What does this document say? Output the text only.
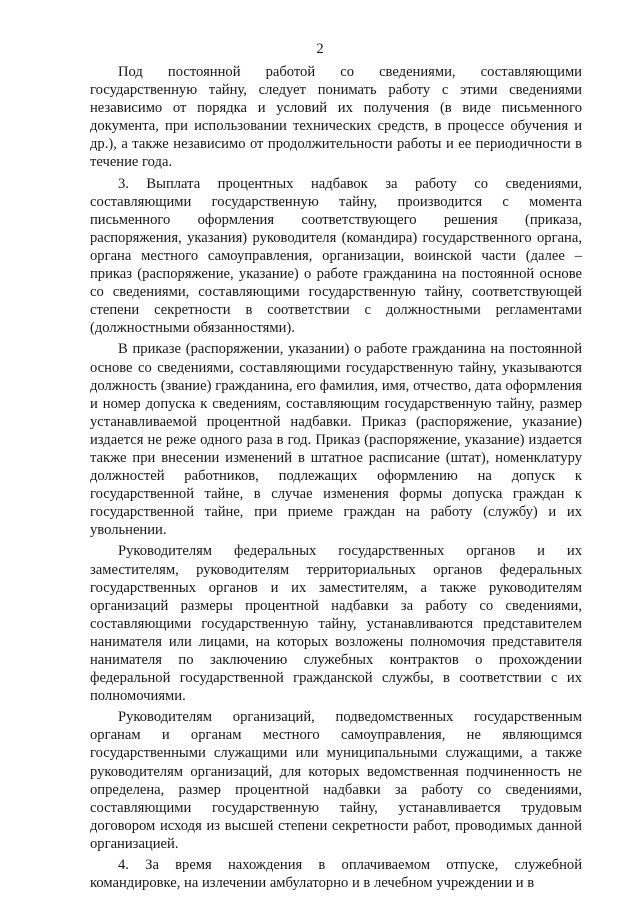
2

Под постоянной работой со сведениями, составляющими государственную тайну, следует понимать работу с этими сведениями независимо от порядка и условий их получения (в виде письменного документа, при использовании технических средств, в процессе обучения и др.), а также независимо от продолжительности работы и ее периодичности в течение года.

3. Выплата процентных надбавок за работу со сведениями, составляющими государственную тайну, производится с момента письменного оформления соответствующего решения (приказа, распоряжения, указания) руководителя (командира) государственного органа, органа местного самоуправления, организации, воинской части (далее – приказ (распоряжение, указание) о работе гражданина на постоянной основе со сведениями, составляющими государственную тайну, соответствующей степени секретности в соответствии с должностными регламентами (должностными обязанностями).

В приказе (распоряжении, указании) о работе гражданина на постоянной основе со сведениями, составляющими государственную тайну, указываются должность (звание) гражданина, его фамилия, имя, отчество, дата оформления и номер допуска к сведениям, составляющим государственную тайну, размер устанавливаемой процентной надбавки. Приказ (распоряжение, указание) издается не реже одного раза в год. Приказ (распоряжение, указание) издается также при внесении изменений в штатное расписание (штат), номенклатуру должностей работников, подлежащих оформлению на допуск к государственной тайне, в случае изменения формы допуска граждан к государственной тайне, при приеме граждан на работу (службу) и их увольнении.

Руководителям федеральных государственных органов и их заместителям, руководителям территориальных органов федеральных государственных органов и их заместителям, а также руководителям организаций размеры процентной надбавки за работу со сведениями, составляющими государственную тайну, устанавливаются представителем нанимателя или лицами, на которых возложены полномочия представителя нанимателя по заключению служебных контрактов о прохождении федеральной государственной гражданской службы, в соответствии с их полномочиями.

Руководителям организаций, подведомственных государственным органам и органам местного самоуправления, не являющимся государственными служащими или муниципальными служащими, а также руководителям организаций, для которых ведомственная подчиненность не определена, размер процентной надбавки за работу со сведениями, составляющими государственную тайну, устанавливается трудовым договором исходя из высшей степени секретности работ, проводимых данной организацией.

4. За время нахождения в оплачиваемом отпуске, служебной командировке, на излечении амбулаторно и в лечебном учреждении и в
